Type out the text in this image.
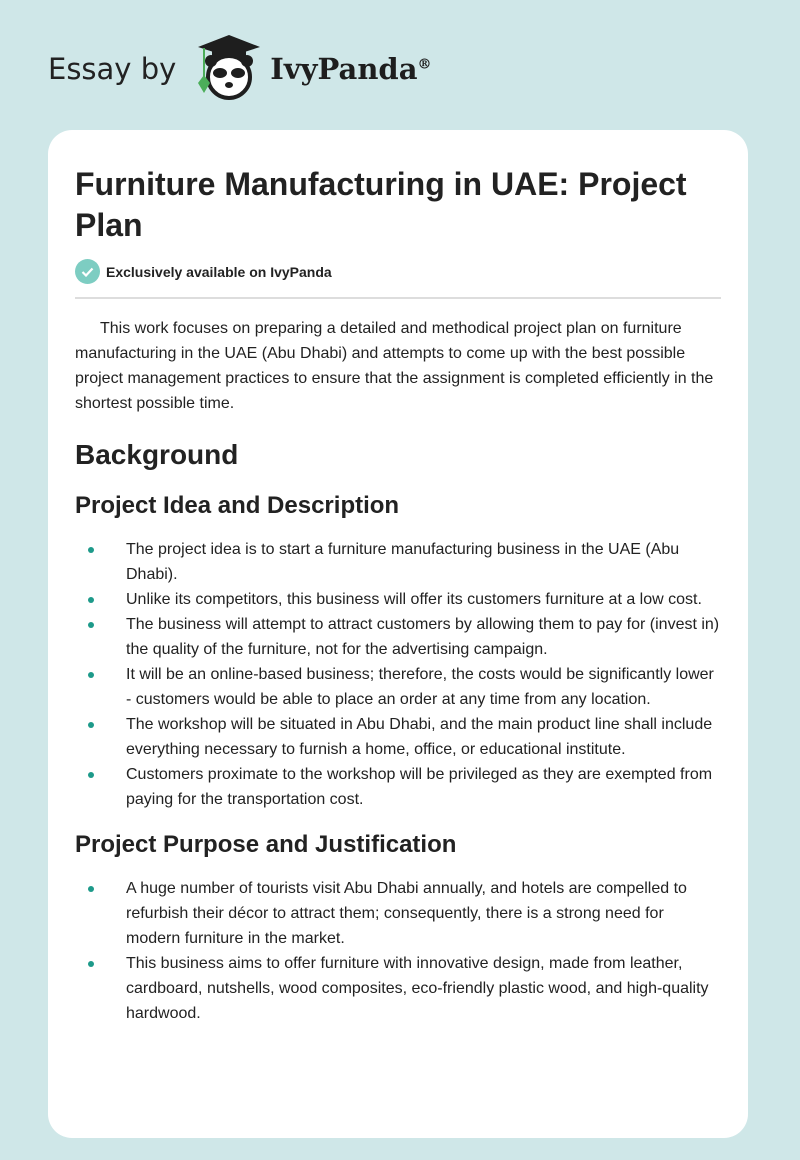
Essay by	IvyPanda®
Furniture Manufacturing in UAE: Project Plan
Exclusively available on IvyPanda

This work focuses on preparing a detailed and methodical project plan on furniture manufacturing in the UAE (Abu Dhabi) and attempts to come up with the best possible project management practices to ensure that the assignment is completed efficiently in the shortest possible time.

Background
Project Idea and Description
The project idea is to start a furniture manufacturing business in the UAE (Abu Dhabi).
Unlike its competitors, this business will offer its customers furniture at a low cost.
The business will attempt to attract customers by allowing them to pay for (invest in) the quality of the furniture, not for the advertising campaign.
It will be an online-based business; therefore, the costs would be significantly lower - customers would be able to place an order at any time from any location.
The workshop will be situated in Abu Dhabi, and the main product line shall include everything necessary to furnish a home, office, or educational institute.
Customers proximate to the workshop will be privileged as they are exempted from paying for the transportation cost.
Project Purpose and Justification
A huge number of tourists visit Abu Dhabi annually, and hotels are compelled to refurbish their décor to attract them; consequently, there is a strong need for modern furniture in the market.
This business aims to offer furniture with innovative design, made from leather, cardboard, nutshells, wood composites, eco-friendly plastic wood, and high-quality hardwood.
